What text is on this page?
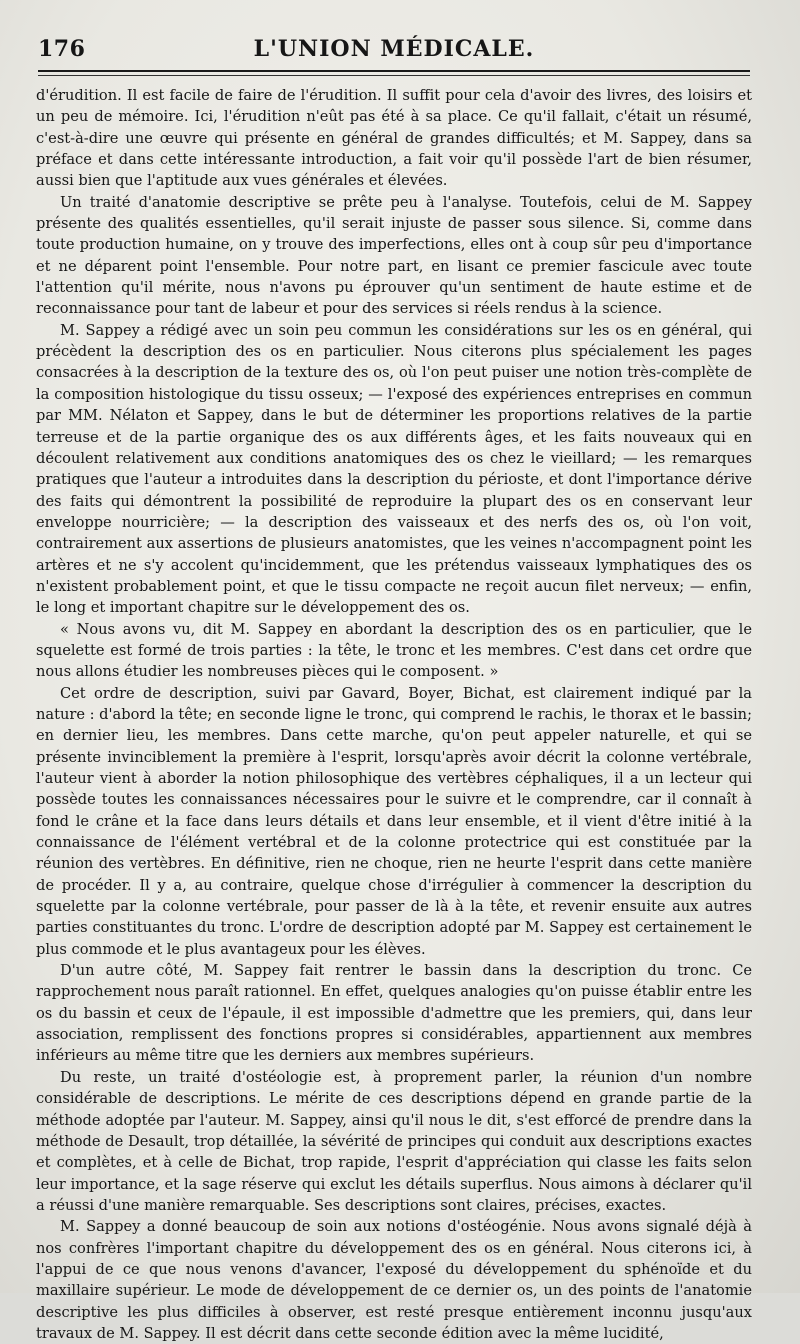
176	L'UNION MÉDICALE.

d'érudition. Il est facile de faire de l'érudition. Il suffit pour cela d'avoir des livres, des loisirs et un peu de mémoire. Ici, l'érudition n'eût pas été à sa place. Ce qu'il fallait, c'était un résumé, c'est-à-dire une œuvre qui présente en général de grandes difficultés; et M. Sappey, dans sa préface et dans cette intéressante introduction, a fait voir qu'il possède l'art de bien résumer, aussi bien que l'aptitude aux vues générales et élevées.

Un traité d'anatomie descriptive se prête peu à l'analyse. Toutefois, celui de M. Sappey présente des qualités essentielles, qu'il serait injuste de passer sous silence. Si, comme dans toute production humaine, on y trouve des imperfections, elles ont à coup sûr peu d'importance et ne déparent point l'ensemble. Pour notre part, en lisant ce premier fascicule avec toute l'attention qu'il mérite, nous n'avons pu éprouver qu'un sentiment de haute estime et de reconnaissance pour tant de labeur et pour des services si réels rendus à la science.

M. Sappey a rédigé avec un soin peu commun les considérations sur les os en général, qui précèdent la description des os en particulier. Nous citerons plus spécialement les pages consacrées à la description de la texture des os, où l'on peut puiser une notion très-complète de la composition histologique du tissu osseux; — l'exposé des expériences entreprises en commun par MM. Nélaton et Sappey, dans le but de déterminer les proportions relatives de la partie terreuse et de la partie organique des os aux différents âges, et les faits nouveaux qui en découlent relativement aux conditions anatomiques des os chez le vieillard; — les remarques pratiques que l'auteur a introduites dans la description du périoste, et dont l'importance dérive des faits qui démontrent la possibilité de reproduire la plupart des os en conservant leur enveloppe nourricière; — la description des vaisseaux et des nerfs des os, où l'on voit, contrairement aux assertions de plusieurs anatomistes, que les veines n'accompagnent point les artères et ne s'y accolent qu'incidemment, que les prétendus vaisseaux lymphatiques des os n'existent probablement point, et que le tissu compacte ne reçoit aucun filet nerveux; — enfin, le long et important chapitre sur le développement des os.

« Nous avons vu, dit M. Sappey en abordant la description des os en particulier, que le squelette est formé de trois parties : la tête, le tronc et les membres. C'est dans cet ordre que nous allons étudier les nombreuses pièces qui le composent. »

Cet ordre de description, suivi par Gavard, Boyer, Bichat, est clairement indiqué par la nature : d'abord la tête; en seconde ligne le tronc, qui comprend le rachis, le thorax et le bassin; en dernier lieu, les membres. Dans cette marche, qu'on peut appeler naturelle, et qui se présente invinciblement la première à l'esprit, lorsqu'après avoir décrit la colonne vertébrale, l'auteur vient à aborder la notion philosophique des vertèbres céphaliques, il a un lecteur qui possède toutes les connaissances nécessaires pour le suivre et le comprendre, car il connaît à fond le crâne et la face dans leurs détails et dans leur ensemble, et il vient d'être initié à la connaissance de l'élément vertébral et de la colonne protectrice qui est constituée par la réunion des vertèbres. En définitive, rien ne choque, rien ne heurte l'esprit dans cette manière de procéder. Il y a, au contraire, quelque chose d'irrégulier à commencer la description du squelette par la colonne vertébrale, pour passer de là à la tête, et revenir ensuite aux autres parties constituantes du tronc. L'ordre de description adopté par M. Sappey est certainement le plus commode et le plus avantageux pour les élèves.

D'un autre côté, M. Sappey fait rentrer le bassin dans la description du tronc. Ce rapprochement nous paraît rationnel. En effet, quelques analogies qu'on puisse établir entre les os du bassin et ceux de l'épaule, il est impossible d'admettre que les premiers, qui, dans leur association, remplissent des fonctions propres si considérables, appartiennent aux membres inférieurs au même titre que les derniers aux membres supérieurs.

Du reste, un traité d'ostéologie est, à proprement parler, la réunion d'un nombre considérable de descriptions. Le mérite de ces descriptions dépend en grande partie de la méthode adoptée par l'auteur. M. Sappey, ainsi qu'il nous le dit, s'est efforcé de prendre dans la méthode de Desault, trop détaillée, la sévérité de principes qui conduit aux descriptions exactes et complètes, et à celle de Bichat, trop rapide, l'esprit d'appréciation qui classe les faits selon leur importance, et la sage réserve qui exclut les détails superflus. Nous aimons à déclarer qu'il a réussi d'une manière remarquable. Ses descriptions sont claires, précises, exactes.

M. Sappey a donné beaucoup de soin aux notions d'ostéogénie. Nous avons signalé déjà à nos confrères l'important chapitre du développement des os en général. Nous citerons ici, à l'appui de ce que nous venons d'avancer, l'exposé du développement du sphénoïde et du maxillaire supérieur. Le mode de développement de ce dernier os, un des points de l'anatomie descriptive les plus difficiles à observer, est resté presque entièrement inconnu jusqu'aux travaux de M. Sappey. Il est décrit dans cette seconde édition avec la même lucidité,
